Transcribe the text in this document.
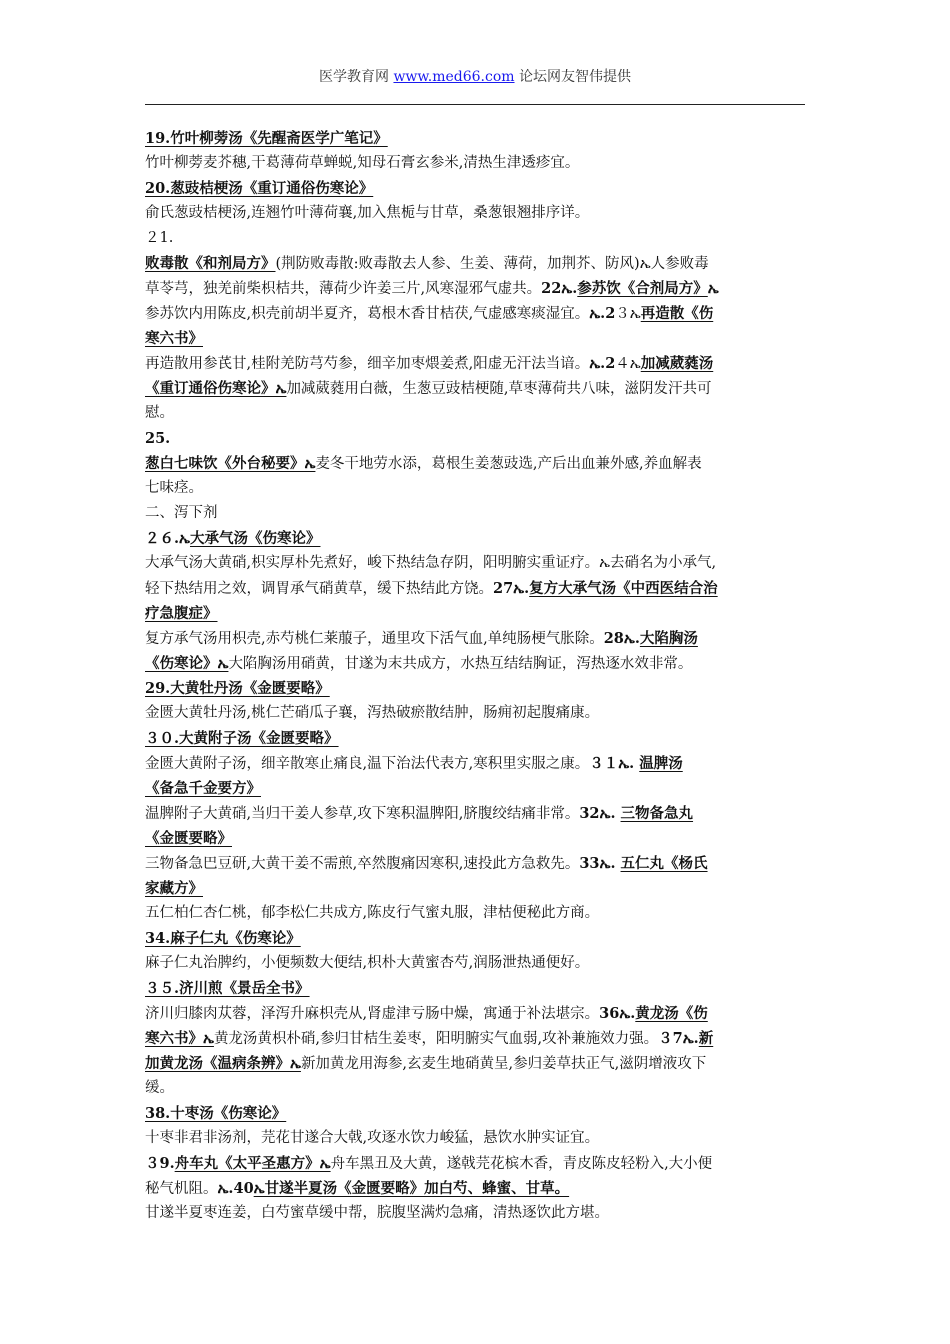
医学教育网 www.med66.com 论坛网友智伟提供
19.竹叶柳蒡汤《先醒斋医学广笔记》
竹叶柳蒡麦芥穗,干葛薄荷草蝉蜕,知母石膏玄参米,清热生津透疹宜。
20.葱豉桔梗汤《重订通俗伤寒论》
俞氏葱豉桔梗汤,连翘竹叶薄荷襄,加入焦栀与甘草，桑葱银翘排序详。
２1.
败毒散《和剂局方》(荆防败毒散:败毒散去人参、生姜、薄荷，加荆芥、防风)ኤ人参败毒
草苓芎，独羌前柴枳桔共，薄荷少许姜三片,风寒湿邪气虚共。22ኤ.参苏饮《合剂局方》ኤ
参苏饮内用陈皮,枳壳前胡半夏齐，葛根木香甘桔茯,气虚感寒痰湿宜。ኤ.2３ኤ再造散《伤
寒六书》
再造散用参芪甘,桂附羌防芎芍参，细辛加枣煨姜煮,阳虚无汗法当谙。ኤ.2４ኤ加减葳蕤汤
《重订通俗伤寒论》ኤ加减葳蕤用白薇，生葱豆豉桔梗随,草枣薄荷共八味，滋阴发汗共可
慰。
25.
葱白七味饮《外台秘要》ኤ麦冬干地劳水添，葛根生姜葱豉选,产后出血兼外感,养血解表
七味痉。
二、泻下剂
２６.ኤ大承气汤《伤寒论》
大承气汤大黄硝,枳实厚朴先煮好，峻下热结急存阴，阳明腑实重证疗。ኤ去硝名为小承气,
轻下热结用之效，调胃承气硝黄草，缓下热结此方饶。27ኤ.复方大承气汤《中西医结合治
疗急腹症》
复方承气汤用枳壳,赤芍桃仁莱菔子，通里攻下活气血,单纯肠梗气胀除。28ኤ.大陷胸汤
《伤寒论》ኤ大陷胸汤用硝黄，甘遂为末共成方，水热互结结胸证，泻热逐水效非常。
29.大黄牡丹汤《金匮要略》
金匮大黄牡丹汤,桃仁芒硝瓜子襄，泻热破瘀散结肿，肠痈初起腹痛康。
３０.大黄附子汤《金匮要略》
金匮大黄附子汤，细辛散寒止痛良,温下治法代表方,寒积里实服之康。３１ኤ. 温脾汤
《备急千金要方》
温脾附子大黄硝,当归干姜人参草,攻下寒积温脾阳,脐腹绞结痛非常。32ኤ. 三物备急丸
《金匮要略》
三物备急巴豆研,大黄干姜不需煎,卒然腹痛因寒积,速投此方急救先。33ኤ. 五仁丸《杨氏
家藏方》
五仁柏仁杏仁桃，郁李松仁共成方,陈皮行气蜜丸服，津枯便秘此方商。
34.麻子仁丸《伤寒论》
麻子仁丸治脾约，小便频数大便结,枳朴大黄蜜杏芍,润肠泄热通便好。
３５.济川煎《景岳全书》
济川归膝肉苁蓉，泽泻升麻枳壳从,肾虚津亏肠中燥，寓通于补法堪宗。36ኤ.黄龙汤《伤
寒六书》ኤ黄龙汤黄枳朴硝,参归甘桔生姜枣，阳明腑实气血弱,攻补兼施效力强。３7ኤ.新
加黄龙汤《温病条辨》ኤ新加黄龙用海参,玄麦生地硝黄呈,参归姜草扶正气,滋阴增液攻下
缓。
38.十枣汤《伤寒论》
十枣非君非汤剂，芫花甘遂合大戟,攻逐水饮力峻猛，悬饮水肿实证宜。
３9.舟车丸《太平圣惠方》ኤ舟车黑丑及大黄，遂戟芫花槟木香，青皮陈皮轻粉入,大小便
秘气机阻。ኤ.40ኤ甘遂半夏汤《金匮要略》加白芍、蜂蜜、甘草。
甘遂半夏枣连姜，白芍蜜草缓中帮，脘腹坚满灼急痛，清热逐饮此方堪。
